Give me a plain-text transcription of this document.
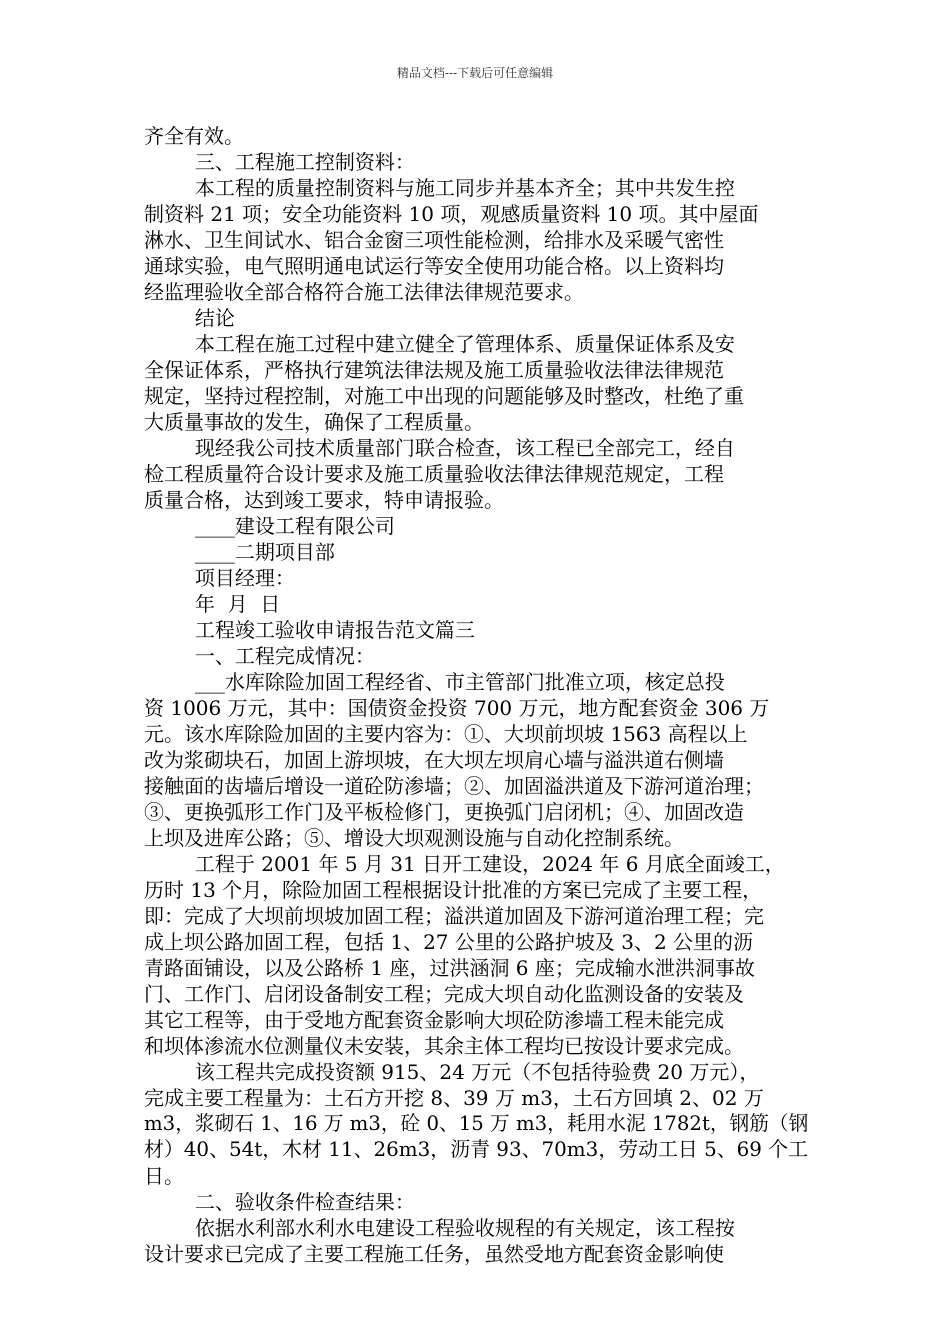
精品文档---下载后可任意编辑
齐全有效。
三、工程施工控制资料：
本工程的质量控制资料与施工同步并基本齐全；其中共发生控
制资料 21 项；安全功能资料 10 项，观感质量资料 10 项。其中屋面
淋水、卫生间试水、铝合金窗三项性能检测，给排水及采暖气密性
通球实验，电气照明通电试运行等安全使用功能合格。以上资料均
经监理验收全部合格符合施工法律法律规范要求。
结论
本工程在施工过程中建立健全了管理体系、质量保证体系及安
全保证体系，严格执行建筑法律法规及施工质量验收法律法律规范
规定，坚持过程控制，对施工中出现的问题能够及时整改，杜绝了重
大质量事故的发生，确保了工程质量。
现经我公司技术质量部门联合检查，该工程已全部完工，经自
检工程质量符合设计要求及施工质量验收法律法律规范规定，工程
质量合格，达到竣工要求，特申请报验。
____建设工程有限公司
____二期项目部
项目经理：
年  月  日
工程竣工验收申请报告范文篇三
一、工程完成情况：
___水库除险加固工程经省、市主管部门批准立项，核定总投
资 1006 万元，其中：国债资金投资 700 万元，地方配套资金 306 万
元。该水库除险加固的主要内容为：①、大坝前坝坡 1563 高程以上
改为浆砌块石，加固上游坝坡，在大坝左坝肩心墙与溢洪道右侧墙
接触面的齿墙后增设一道砼防渗墙；②、加固溢洪道及下游河道治理；
③、更换弧形工作门及平板检修门，更换弧门启闭机；④、加固改造
上坝及进库公路；⑤、增设大坝观测设施与自动化控制系统。
工程于 2001 年 5 月 31 日开工建设，2024 年 6 月底全面竣工，
历时 13 个月，除险加固工程根据设计批准的方案已完成了主要工程，
即：完成了大坝前坝坡加固工程；溢洪道加固及下游河道治理工程；完
成上坝公路加固工程，包括 1、27 公里的公路护坡及 3、2 公里的沥
青路面铺设，以及公路桥 1 座，过洪涵洞 6 座；完成输水泄洪洞事故
门、工作门、启闭设备制安工程；完成大坝自动化监测设备的安装及
其它工程等，由于受地方配套资金影响大坝砼防渗墙工程未能完成
和坝体渗流水位测量仪未安装，其余主体工程均已按设计要求完成。
该工程共完成投资额 915、24 万元（不包括待验费 20 万元），
完成主要工程量为：土石方开挖 8、39 万 m3，土石方回填 2、02 万
m3，浆砌石 1、16 万 m3，砼 0、15 万 m3，耗用水泥 1782t，钢筋（钢
材）40、54t，木材 11、26m3，沥青 93、70m3，劳动工日 5、69 个工
日。
二、验收条件检查结果：
依据水利部水利水电建设工程验收规程的有关规定，该工程按
设计要求已完成了主要工程施工任务，虽然受地方配套资金影响使
